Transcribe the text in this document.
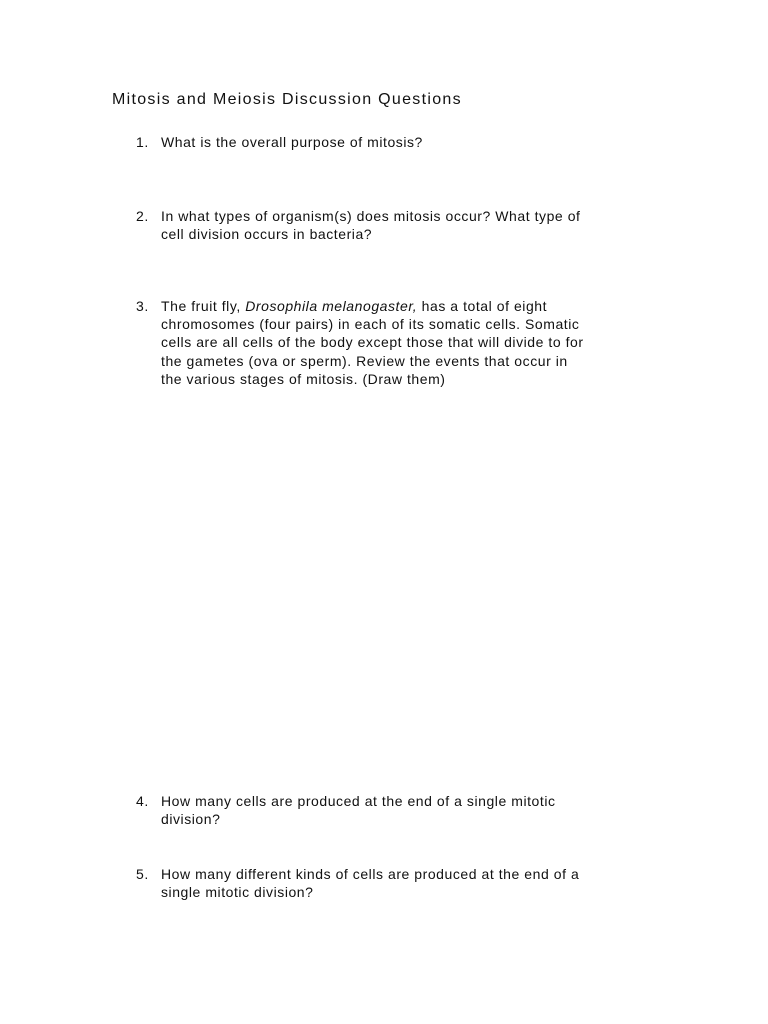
Mitosis and Meiosis Discussion Questions
1. What is the overall purpose of mitosis?
2. In what types of organism(s) does mitosis occur? What type of
cell division occurs in bacteria?
3. The fruit fly, Drosophila melanogaster, has a total of eight
chromosomes (four pairs) in each of its somatic cells. Somatic
cells are all cells of the body except those that will divide to for
the gametes (ova or sperm). Review the events that occur in
the various stages of mitosis. (Draw them)
4. How many cells are produced at the end of a single mitotic
division?
5. How many different kinds of cells are produced at the end of a
single mitotic division?
